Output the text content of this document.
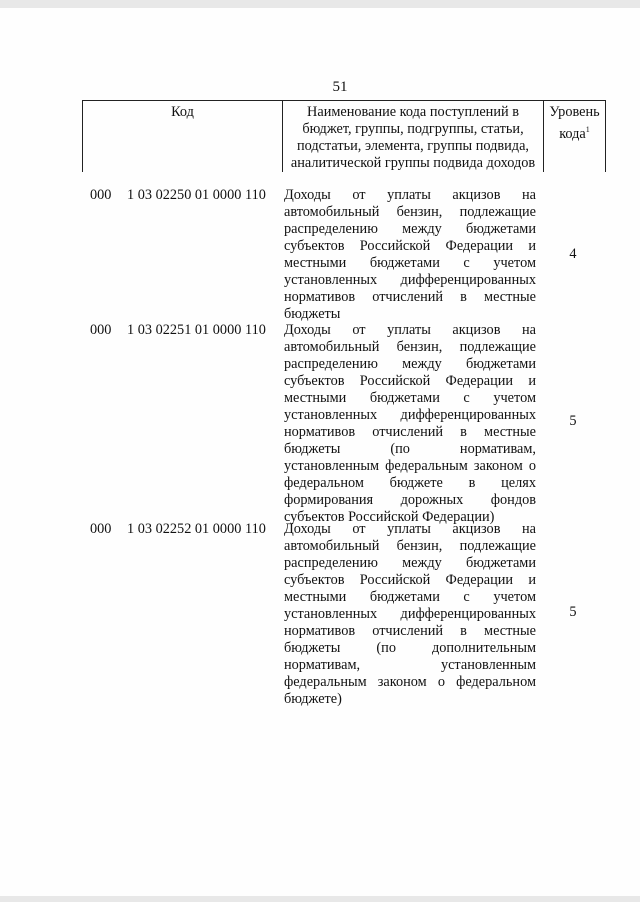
51
Код	Наименование кода поступлений в
бюджет, группы, подгруппы, статьи,
подстатьи, элемента, группы подвида,
аналитической группы подвида доходов
Уровень
кода$^1$
000 1 03 02250 01 0000 110 Доходы от уплаты акцизов на автомобильный бензин, подлежащие распределению между бюджетами субъектов Российской Федерации и местными бюджетами с учетом установленных дифференцированных нормативов отчислений в местные бюджеты
4
000 1 03 02251 01 0000 110 Доходы от уплаты акцизов на автомобильный бензин, подлежащие распределению между бюджетами субъектов Российской Федерации и местными бюджетами с учетом установленных дифференцированных нормативов отчислений в местные бюджеты (по нормативам, установленным федеральным законом о федеральном бюджете в целях формирования дорожных фондов субъектов Российской Федерации)
5
000 1 03 02252 01 0000 110 Доходы от уплаты акцизов на автомобильный бензин, подлежащие распределению между бюджетами субъектов Российской Федерации и местными бюджетами с учетом установленных дифференцированных нормативов отчислений в местные бюджеты (по дополнительным нормативам, установленным федеральным законом о федеральном бюджете)
5
